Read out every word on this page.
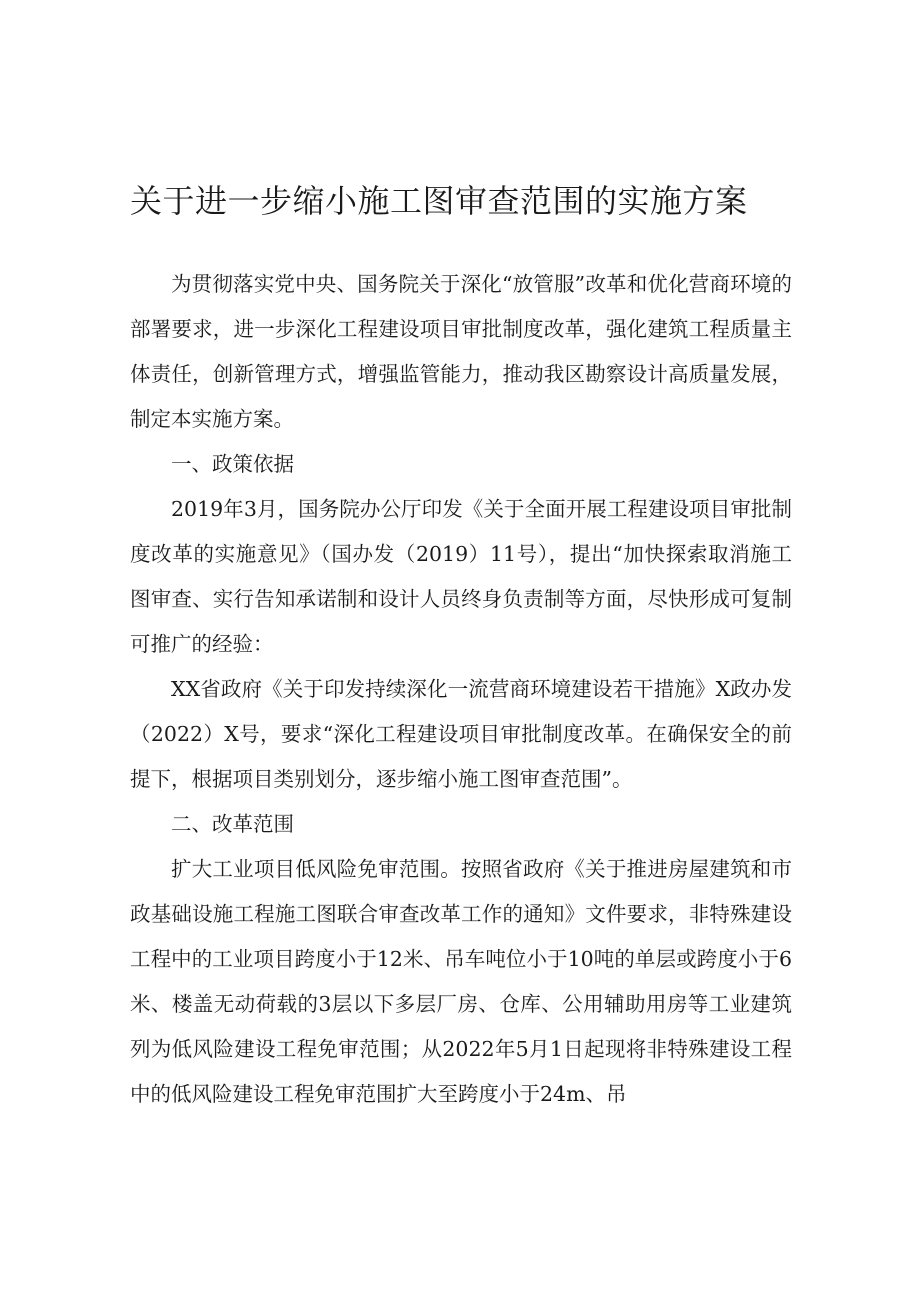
关于进一步缩小施工图审查范围的实施方案

为贯彻落实党中央、国务院关于深化“放管服”改革和优化营商环境的部署要求，进一步深化工程建设项目审批制度改革，强化建筑工程质量主体责任，创新管理方式，增强监管能力，推动我区勘察设计高质量发展，制定本实施方案。

一、政策依据

2019年3月，国务院办公厅印发《关于全面开展工程建设项目审批制度改革的实施意见》（国办发（2019）11号），提出“加快探索取消施工图审查、实行告知承诺制和设计人员终身负责制等方面，尽快形成可复制可推广的经验：

XX省政府《关于印发持续深化一流营商环境建设若干措施》X政办发（2022）X号，要求“深化工程建设项目审批制度改革。在确保安全的前提下，根据项目类别划分，逐步缩小施工图审查范围”。

二、改革范围

扩大工业项目低风险免审范围。按照省政府《关于推进房屋建筑和市政基础设施工程施工图联合审查改革工作的通知》文件要求，非特殊建设工程中的工业项目跨度小于12米、吊车吨位小于10吨的单层或跨度小于6米、楼盖无动荷载的3层以下多层厂房、仓库、公用辅助用房等工业建筑列为低风险建设工程免审范围；从2022年5月1日起现将非特殊建设工程中的低风险建设工程免审范围扩大至跨度小于24m、吊
